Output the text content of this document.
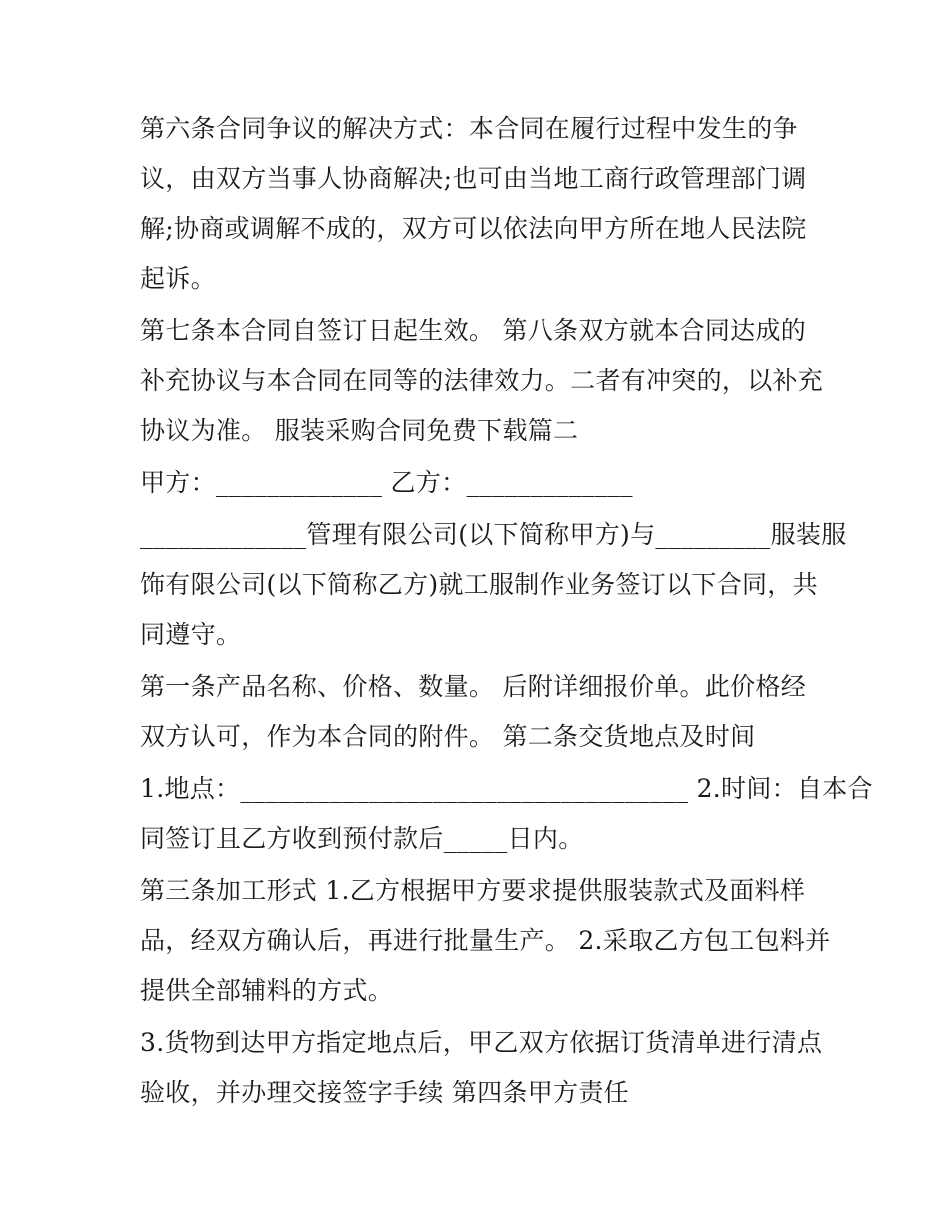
第六条合同争议的解决方式：本合同在履行过程中发生的争

议，由双方当事人协商解决;也可由当地工商行政管理部门调

解;协商或调解不成的，双方可以依法向甲方所在地人民法院

起诉。

第七条本合同自签订日起生效。 第八条双方就本合同达成的

补充协议与本合同在同等的法律效力。二者有冲突的，以补充

协议为准。 服装采购合同免费下载篇二

甲方：_____________ 乙方：_____________

_____________管理有限公司(以下简称甲方)与_________服装服

饰有限公司(以下简称乙方)就工服制作业务签订以下合同，共

同遵守。

第一条产品名称、价格、数量。 后附详细报价单。此价格经

双方认可，作为本合同的附件。 第二条交货地点及时间

1.地点：___________________________________ 2.时间：自本合

同签订且乙方收到预付款后_____日内。

第三条加工形式 1.乙方根据甲方要求提供服装款式及面料样

品，经双方确认后，再进行批量生产。 2.采取乙方包工包料并

提供全部辅料的方式。

3.货物到达甲方指定地点后，甲乙双方依据订货清单进行清点

验收，并办理交接签字手续 第四条甲方责任
